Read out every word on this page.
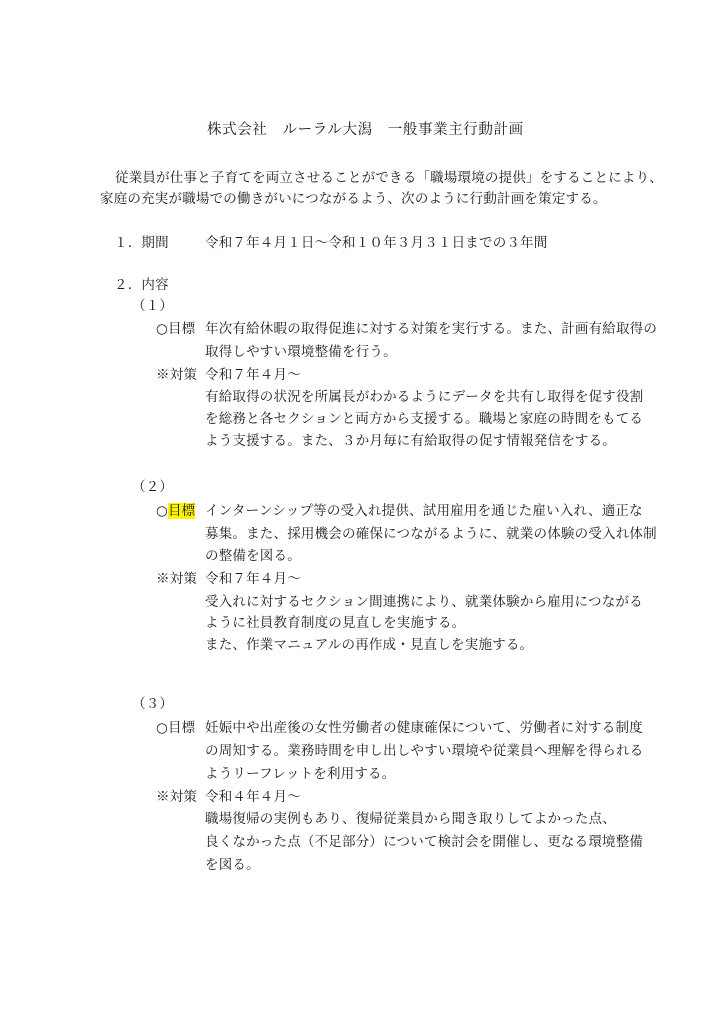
株式会社　ルーラル大潟　一般事業主行動計画
従業員が仕事と子育てを両立させることができる「職場環境の提供」をすることにより、
家庭の充実が職場での働きがいにつながるよう、次のように行動計画を策定する。
１．期間	令和７年４月１日～令和１０年３月３１日までの３年間
２．内容
（１）
○目標 年次有給休暇の取得促進に対する対策を実行する。また、計画有給取得の
取得しやすい環境整備を行う。
※対策 令和７年４月～
有給取得の状況を所属長がわかるようにデータを共有し取得を促す役割
を総務と各セクションと両方から支援する。職場と家庭の時間をもてる
よう支援する。また、３か月毎に有給取得の促す情報発信をする。
（２）
○目標 インターンシップ等の受入れ提供、試用雇用を通じた雇い入れ、適正な
募集。また、採用機会の確保につながるように、就業の体験の受入れ体制
の整備を図る。
※対策 令和７年４月～
受入れに対するセクション間連携により、就業体験から雇用につながる
ように社員教育制度の見直しを実施する。
また、作業マニュアルの再作成・見直しを実施する。
（３）
○目標 妊娠中や出産後の女性労働者の健康確保について、労働者に対する制度
の周知する。業務時間を申し出しやすい環境や従業員へ理解を得られる
ようリーフレットを利用する。
※対策 令和４年４月～
職場復帰の実例もあり、復帰従業員から聞き取りしてよかった点、
良くなかった点（不足部分）について検討会を開催し、更なる環境整備
を図る。
